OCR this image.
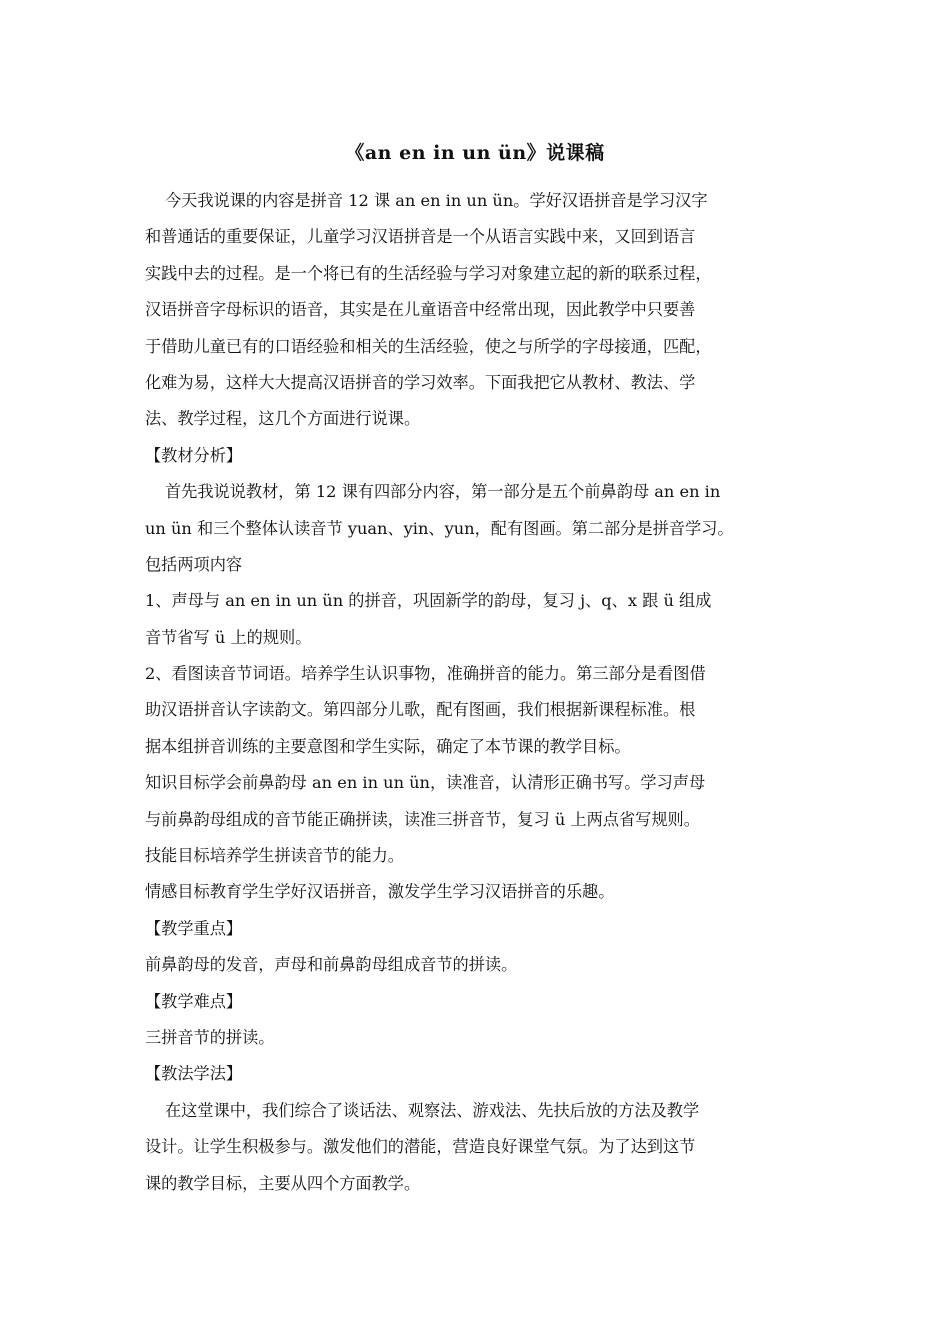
《an en in un ün》说课稿
今天我说课的内容是拼音 12 课 an en in un ün。学好汉语拼音是学习汉字
和普通话的重要保证，儿童学习汉语拼音是一个从语言实践中来，又回到语言
实践中去的过程。是一个将已有的生活经验与学习对象建立起的新的联系过程，
汉语拼音字母标识的语音，其实是在儿童语音中经常出现，因此教学中只要善
于借助儿童已有的口语经验和相关的生活经验，使之与所学的字母接通，匹配，
化难为易，这样大大提高汉语拼音的学习效率。下面我把它从教材、教法、学
法、教学过程，这几个方面进行说课。
【教材分析】
首先我说说教材，第 12 课有四部分内容，第一部分是五个前鼻韵母 an en in
un ün 和三个整体认读音节 yuan、yin、yun，配有图画。第二部分是拼音学习。
包括两项内容
1、声母与 an en in un ün 的拼音，巩固新学的韵母，复习 j、q、x 跟 ü 组成
音节省写 ü 上的规则。
2、看图读音节词语。培养学生认识事物，准确拼音的能力。第三部分是看图借
助汉语拼音认字读韵文。第四部分儿歌，配有图画，我们根据新课程标准。根
据本组拼音训练的主要意图和学生实际，确定了本节课的教学目标。
知识目标学会前鼻韵母 an en in un ün，读准音，认清形正确书写。学习声母
与前鼻韵母组成的音节能正确拼读，读准三拼音节，复习 ü 上两点省写规则。
技能目标培养学生拼读音节的能力。
情感目标教育学生学好汉语拼音，激发学生学习汉语拼音的乐趣。
【教学重点】
前鼻韵母的发音，声母和前鼻韵母组成音节的拼读。
【教学难点】
三拼音节的拼读。
【教法学法】
在这堂课中，我们综合了谈话法、观察法、游戏法、先扶后放的方法及教学
设计。让学生积极参与。激发他们的潜能，营造良好课堂气氛。为了达到这节
课的教学目标，主要从四个方面教学。
